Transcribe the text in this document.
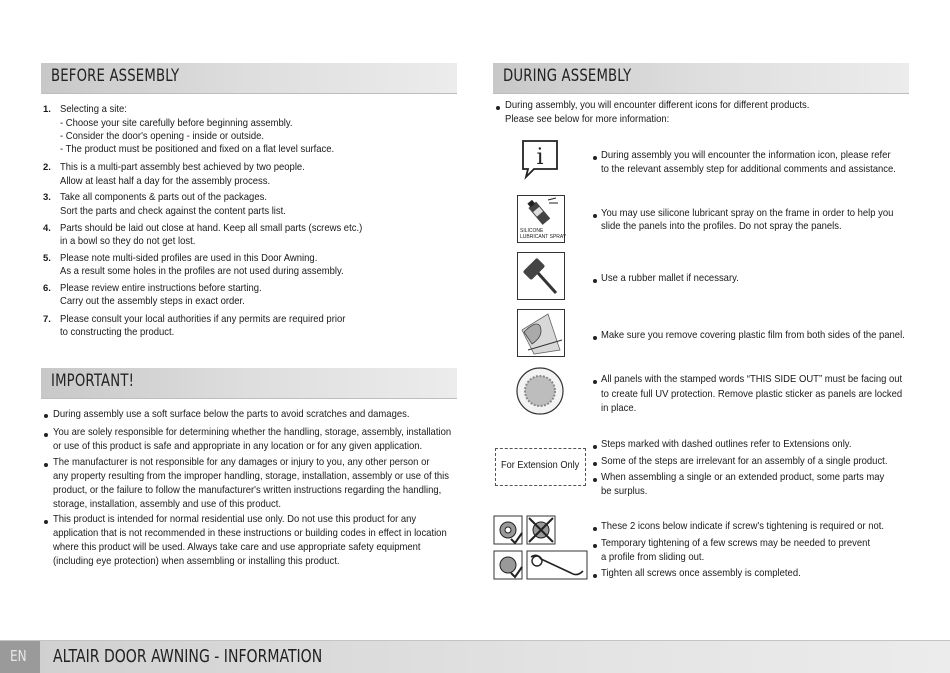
BEFORE ASSEMBLY
IMPORTANT!
DURING ASSEMBLY
1. Selecting a site:
- Choose your site carefully before beginning assembly.
- Consider the door's opening - inside or outside.
- The product must be positioned and fixed on a flat level surface.
2. This is a multi-part assembly best achieved by two people.
Allow at least half a day for the assembly process.
3. Take all components & parts out of the packages.
Sort the parts and check against the content parts list.
4. Parts should be laid out close at hand. Keep all small parts (screws etc.)
in a bowl so they do not get lost.
5. Please note multi-sided profiles are used in this Door Awning.
As a result some holes in the profiles are not used during assembly.
6. Please review entire instructions before starting.
Carry out the assembly steps in exact order.
7. Please consult your local authorities if any permits are required prior
to constructing the product.
During assembly use a soft surface below the parts to avoid scratches and damages.
You are solely responsible for determining whether the handling, storage, assembly, installation
or use of this product is safe and appropriate in any location or for any given application.
The manufacturer is not responsible for any damages or injury to you, any other person or
any property resulting from the improper handling, storage, installation, assembly or use of this
product, or the failure to follow the manufacturer's written instructions regarding the handling,
storage, installation, assembly and use of this product.
This product is intended for normal residential use only. Do not use this product for any
application that is not recommended in these instructions or building codes in effect in location
where this product will be used. Always take care and use appropriate safety equipment
(including eye protection) when assembling or installing this product.
During assembly, you will encounter different icons for different products.
Please see below for more information:
i	During assembly you will encounter the information icon, please refer
to the relevant assembly step for additional comments and assistance.
SILICONE
LUBRICANT SPRAY
You may use silicone lubricant spray on the frame in order to help you
slide the panels into the profiles. Do not spray the panels.
Use a rubber mallet if necessary.
Make sure you remove covering plastic film from both sides of the panel.
All panels with the stamped words “THIS SIDE OUT” must be facing out
to create full UV protection. Remove plastic sticker as panels are locked
in place.
For Extension Only
Steps marked with dashed outlines refer to Extensions only.
Some of the steps are irrelevant for an assembly of a single product.
When assembling a single or an extended product, some parts may
be surplus.
These 2 icons below indicate if screw's tightening is required or not.
Temporary tightening of a few screws may be needed to prevent
a profile from sliding out.
Tighten all screws once assembly is completed.
EN ALTAIR DOOR AWNING - INFORMATION
